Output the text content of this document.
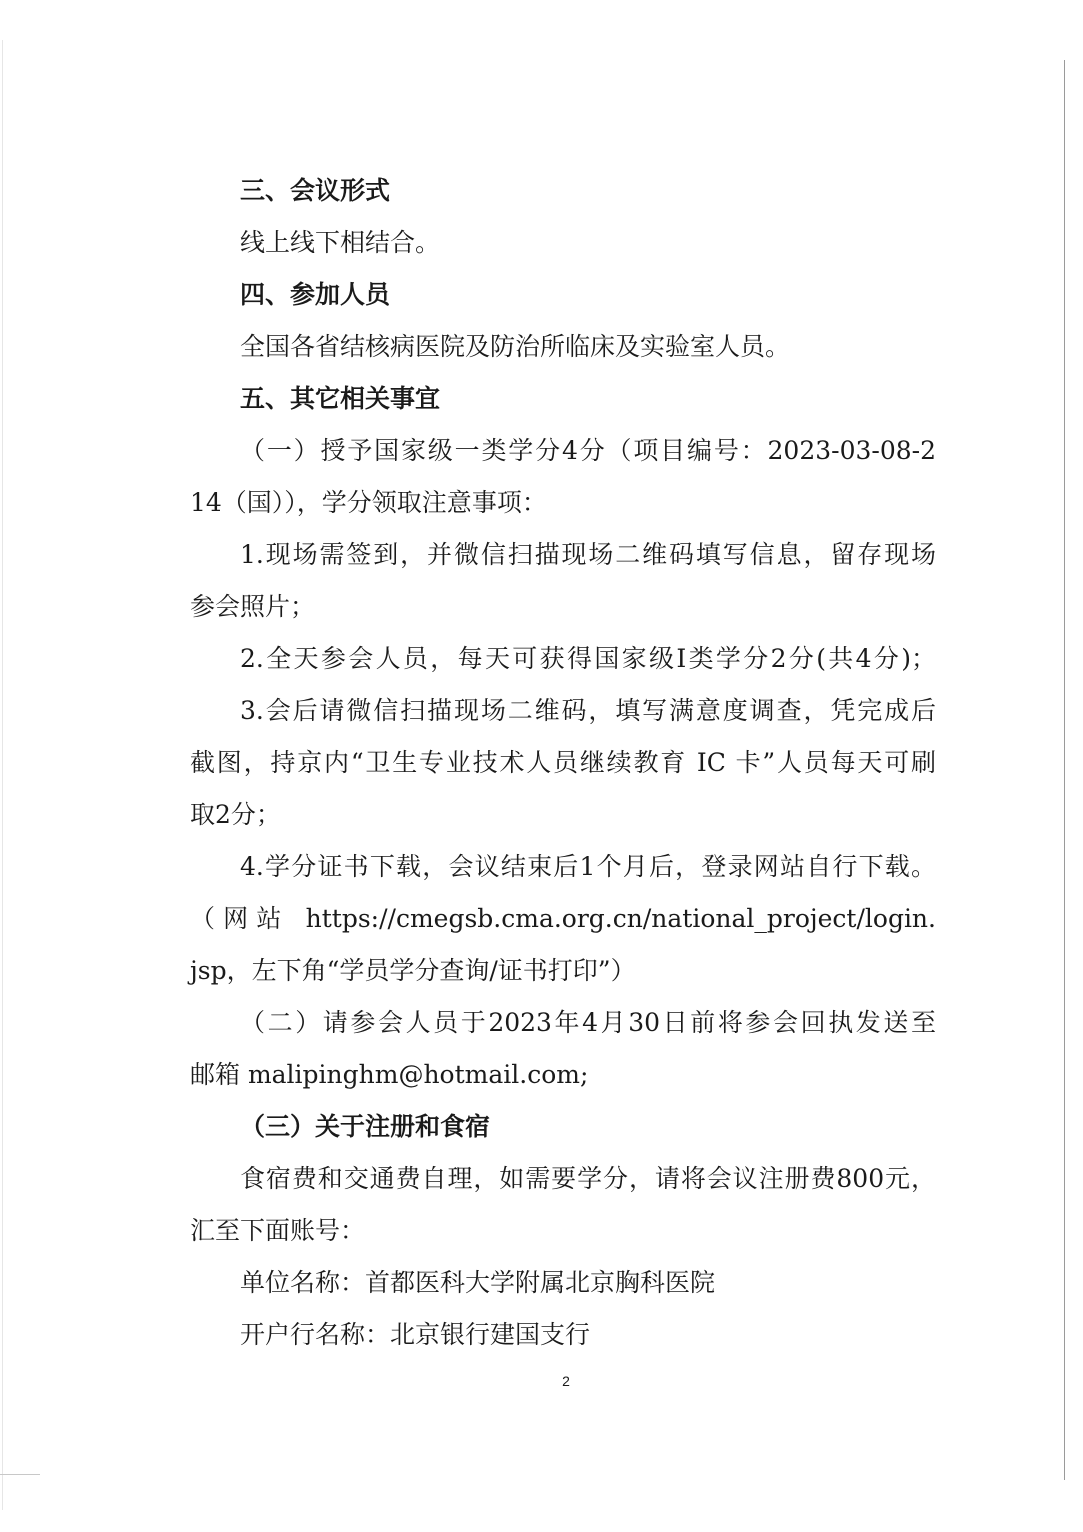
三、会议形式
线上线下相结合。
四、参加人员
全国各省结核病医院及防治所临床及实验室人员。
五、其它相关事宜
（一）授予国家级一类学分4分（项目编号：2023-03-08-2
14（国）），学分领取注意事项：
1.现场需签到，并微信扫描现场二维码填写信息，留存现场
参会照片；
2.全天参会人员，每天可获得国家级Ⅰ类学分2分(共4分)；
3.会后请微信扫描现场二维码，填写满意度调查，凭完成后
截图，持京内“卫生专业技术人员继续教育 IC 卡”人员每天可刷
取2分；
4.学分证书下载，会议结束后1个月后，登录网站自行下载。
（网站 https://cmegsb.cma.org.cn/national_project/login.
jsp，左下角“学员学分查询/证书打印”）
（二）请参会人员于2023年4月30日前将参会回执发送至
邮箱 malipinghm@hotmail.com;
（三）关于注册和食宿
食宿费和交通费自理，如需要学分，请将会议注册费800元，
汇至下面账号：
单位名称：首都医科大学附属北京胸科医院
开户行名称：北京银行建国支行
2
